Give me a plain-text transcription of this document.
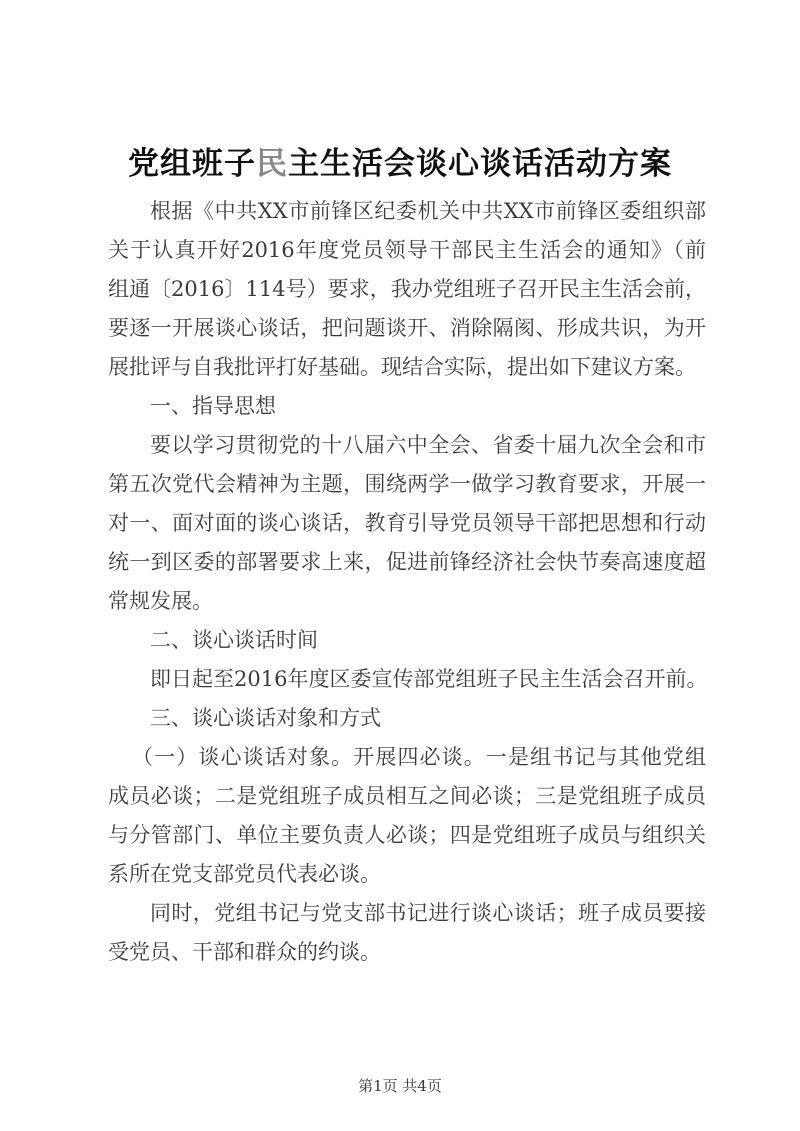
党组班子民主生活会谈心谈话活动方案
根据《中共XX市前锋区纪委机关中共XX市前锋区委组织部
关于认真开好2016年度党员领导干部民主生活会的通知》（前
组通〔2016〕114号）要求，我办党组班子召开民主生活会前，
要逐一开展谈心谈话，把问题谈开、消除隔阂、形成共识，为开
展批评与自我批评打好基础。现结合实际，提出如下建议方案。
一、指导思想
要以学习贯彻党的十八届六中全会、省委十届九次全会和市
第五次党代会精神为主题，围绕两学一做学习教育要求，开展一
对一、面对面的谈心谈话，教育引导党员领导干部把思想和行动
统一到区委的部署要求上来，促进前锋经济社会快节奏高速度超
常规发展。
二、谈心谈话时间
即日起至2016年度区委宣传部党组班子民主生活会召开前。
三、谈心谈话对象和方式
（一）谈心谈话对象。开展四必谈。一是组书记与其他党组
成员必谈；二是党组班子成员相互之间必谈；三是党组班子成员
与分管部门、单位主要负责人必谈；四是党组班子成员与组织关
系所在党支部党员代表必谈。
同时，党组书记与党支部书记进行谈心谈话；班子成员要接
受党员、干部和群众的约谈。
第1页 共4页
